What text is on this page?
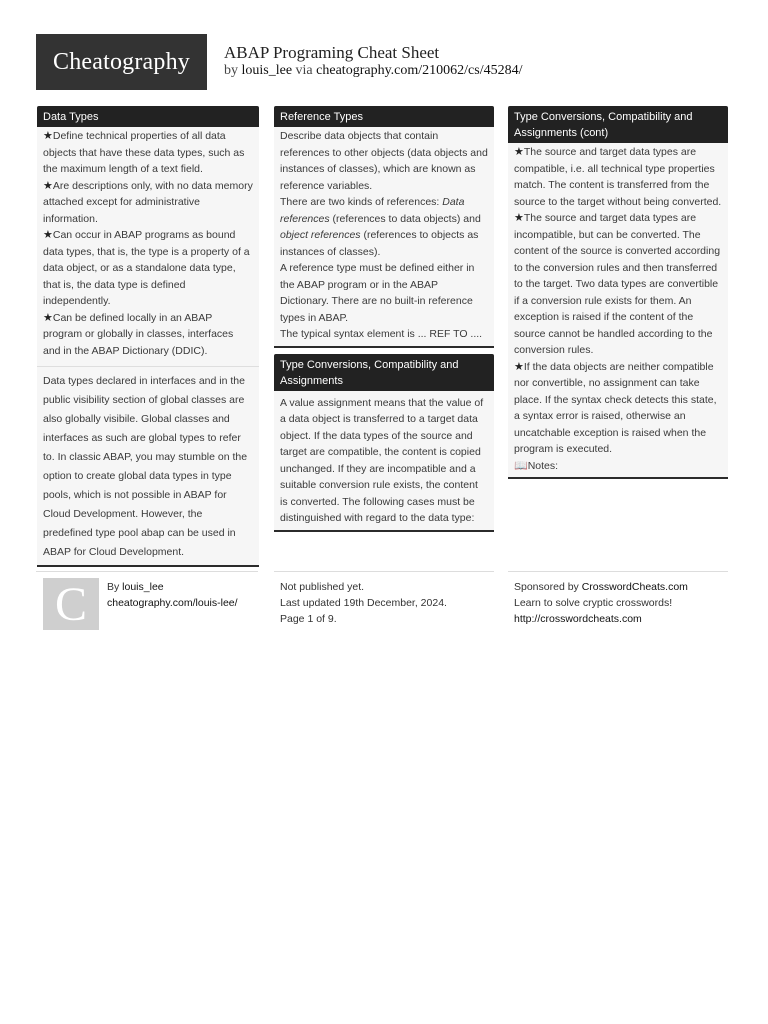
Cheatography	ABAP Programing Cheat Sheet
by louis_lee via cheatography.com/210062/cs/45284/
Data Types
★Define technical properties of all data objects that have these data types, such as the maximum length of a text field.
★Are descriptions only, with no data memory attached except for administrative information.
★Can occur in ABAP programs as bound data types, that is, the type is a property of a data object, or as a standalone data type, that is, the data type is defined independently.
★Can be defined locally in an ABAP program or globally in classes, interfaces and in the ABAP Dictionary (DDIC).
Data types declared in interfaces and in the public visibility section of global classes are also globally visibile. Global classes and interfaces as such are global types to refer to. In classic ABAP, you may stumble on the option to create global data types in type pools, which is not possible in ABAP for Cloud Development. However, the predefined type pool abap can be used in ABAP for Cloud Development.
Reference Types
Describe data objects that contain references to other objects (data objects and instances of classes), which are known as reference variables.
There are two kinds of references: Data references (references to data objects) and object references (references to objects as instances of classes).
A reference type must be defined either in the ABAP program or in the ABAP Dictionary. There are no built-in reference types in ABAP.
The typical syntax element is ... REF TO ....
Type Conversions, Compatibility and Assignments
A value assignment means that the value of a data object is transferred to a target data object. If the data types of the source and target are compatible, the content is copied unchanged. If they are incompatible and a suitable conversion rule exists, the content is converted. The following cases must be distinguished with regard to the data type:
Type Conversions, Compatibility and Assignments (cont)
★The source and target data types are compatible, i.e. all technical type properties match. The content is transferred from the source to the target without being converted.
★The source and target data types are incompatible, but can be converted. The content of the source is converted according to the conversion rules and then transferred to the target. Two data types are convertible if a conversion rule exists for them. An exception is raised if the content of the source cannot be handled according to the conversion rules.
★If the data objects are neither compatible nor convertible, no assignment can take place. If the syntax check detects this state, a syntax error is raised, otherwise an uncatchable exception is raised when the program is executed.
📖Notes:
C	By louis_lee
cheatography.com/louis-lee/
Not published yet.
Last updated 19th December, 2024.
Page 1 of 9.
Sponsored by CrosswordCheats.com
Learn to solve cryptic crosswords!
http://crosswordcheats.com
